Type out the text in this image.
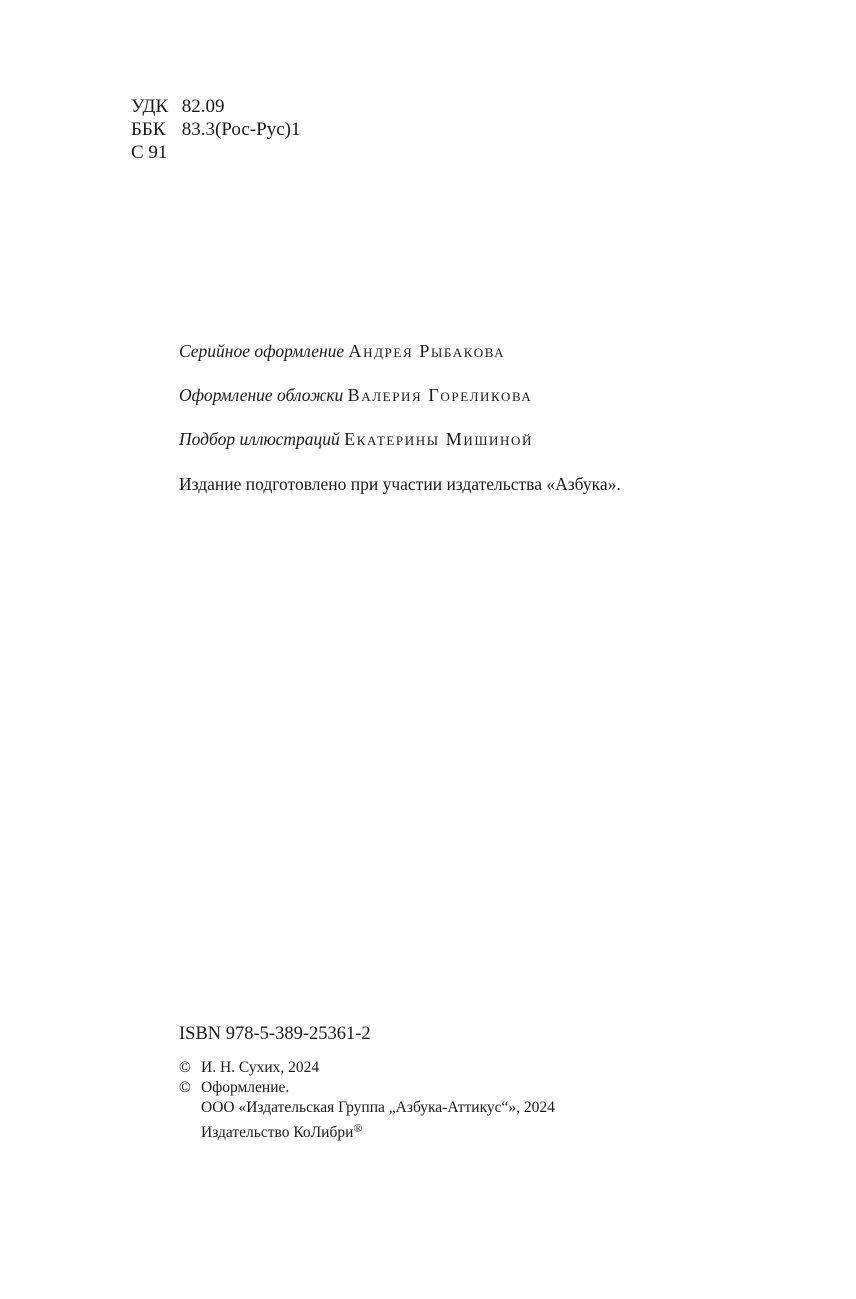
УДК 82.09
ББК 83.3(Рос-Рус)1
С 91
Серийное оформление Андрея Рыбакова
Оформление обложки Валерия Гореликова
Подбор иллюстраций Екатерины Мишиной
Издание подготовлено при участии издательства «Азбука».
ISBN 978-5-389-25361-2
© И. Н. Сухих, 2024
© Оформление.
ООО «Издательская Группа „Азбука-Аттикус“», 2024
Издательство КоЛибри®
